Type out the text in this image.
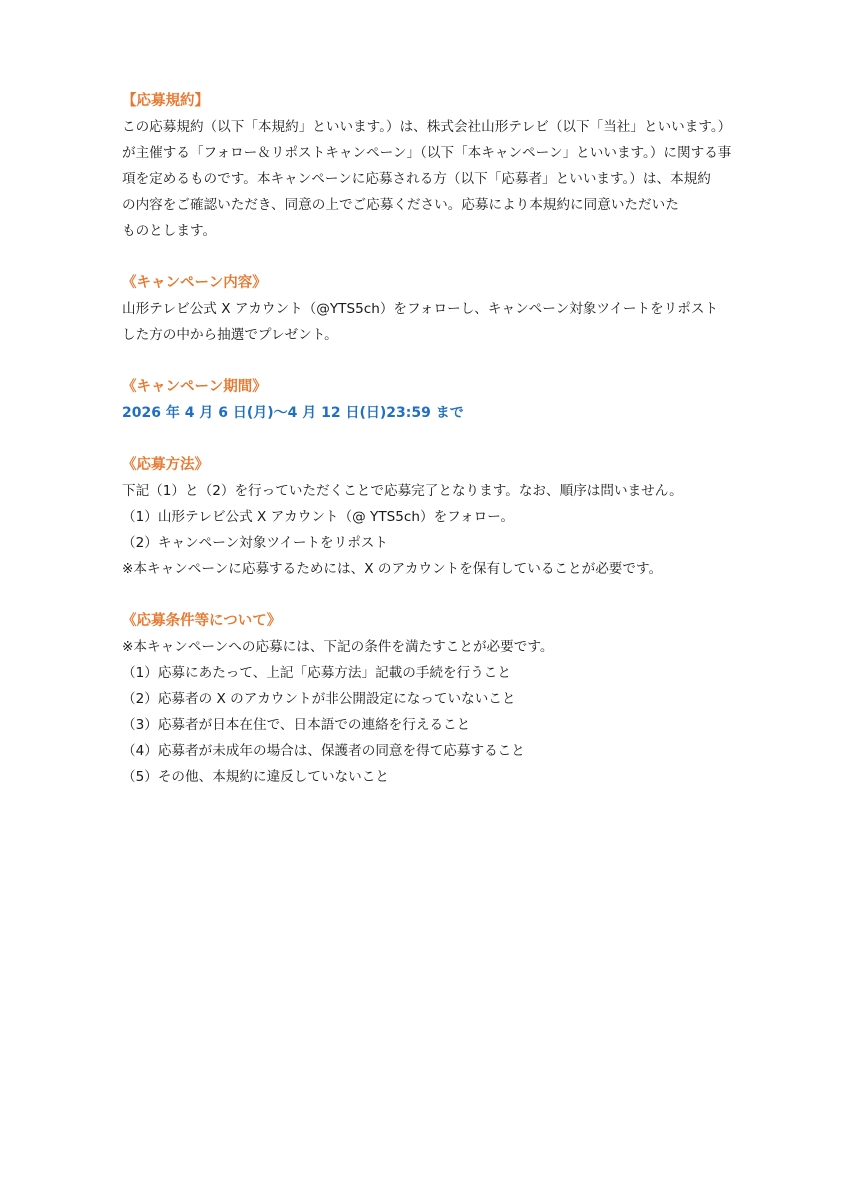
【応募規約】

この応募規約（以下「本規約」といいます。）は、株式会社山形テレビ（以下「当社」といいます。）

が主催する「フォロー＆リポストキャンペーン」（以下「本キャンペーン」といいます。）に関する事

項を定めるものです。本キャンペーンに応募される方（以下「応募者」といいます。）は、本規約

の内容をご確認いただき、同意の上でご応募ください。応募により本規約に同意いただいた

ものとします。

《キャンペーン内容》

山形テレビ公式 X アカウント（@YTS5ch）をフォローし、キャンペーン対象ツイートをリポスト

した方の中から抽選でプレゼント。

《キャンペーン期間》

2026 年 4 月 6 日(月)～4 月 12 日(日)23:59 まで

《応募方法》

下記（1）と（2）を行っていただくことで応募完了となります。なお、順序は問いません。

（1）山形テレビ公式 X アカウント（@ YTS5ch）をフォロー。

（2）キャンペーン対象ツイートをリポスト

※本キャンペーンに応募するためには、X のアカウントを保有していることが必要です。

《応募条件等について》

※本キャンペーンへの応募には、下記の条件を満たすことが必要です。

（1）応募にあたって、上記「応募方法」記載の手続を行うこと

（2）応募者の X のアカウントが非公開設定になっていないこと

（3）応募者が日本在住で、日本語での連絡を行えること

（4）応募者が未成年の場合は、保護者の同意を得て応募すること

（5）その他、本規約に違反していないこと
